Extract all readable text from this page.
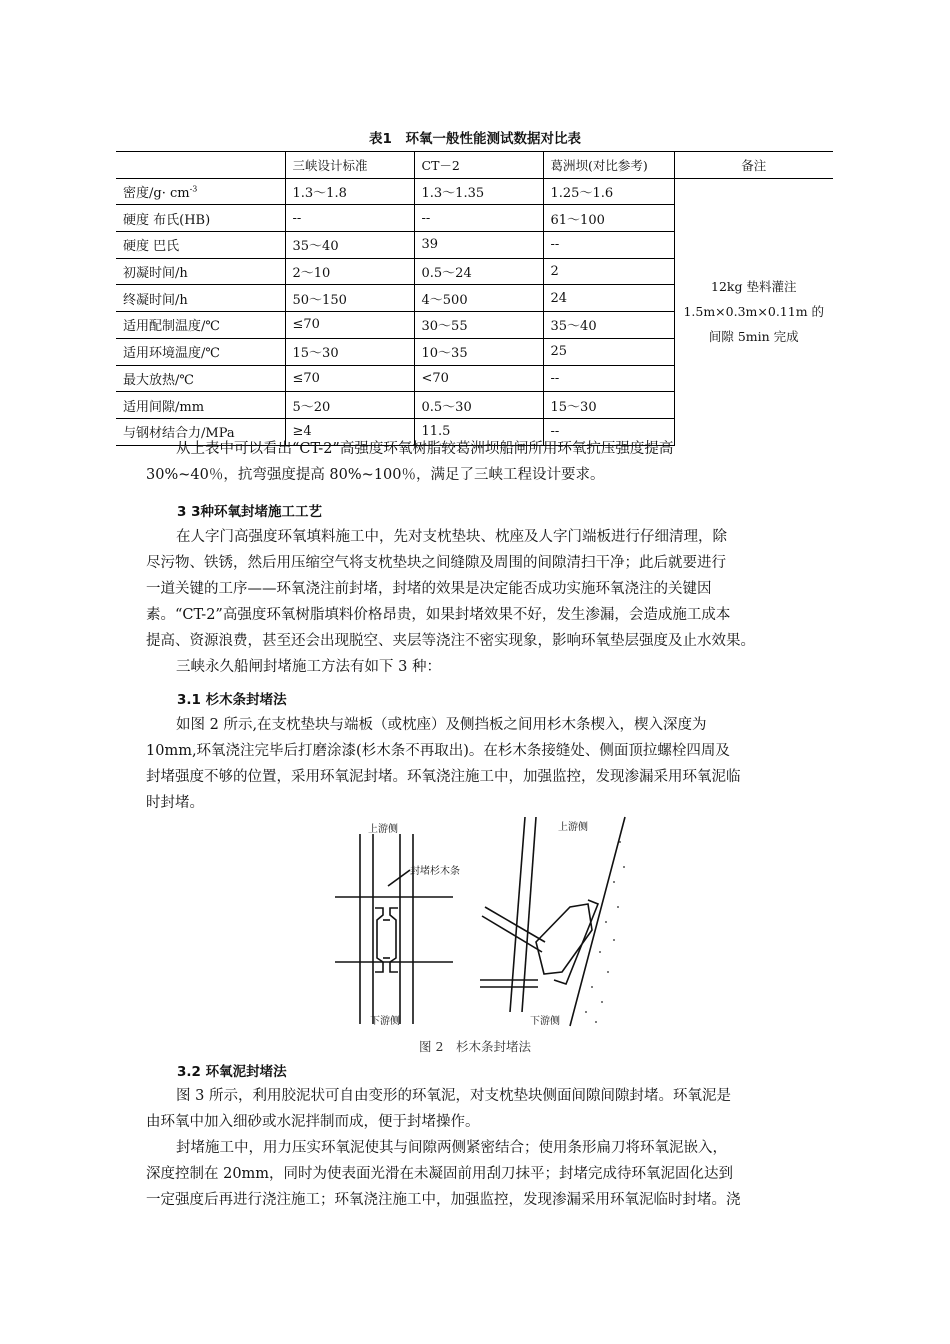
表1　环氧一般性能测试数据对比表
	三峡设计标准	CT－2	葛洲坝(对比参考)	备注
密度$/g\cdot cm^{-3}$	1.3～1.8	1.3～1.35	1.25～1.6	12kg 垫料灌注
1.5m×0.3m×0.11m 的
间隙 5min 完成

硬度 布氏(HB)	--	--	61～100	
硬度 巴氏	35～40	39	--	
初凝时间/h	2～10	0.5～24	2	
终凝时间/h	50～150	4～500	24	
适用配制温度/℃	≤70	30～55	35～40	
适用环境温度/℃	15～30	10～35	25	
最大放热/℃	≤70	<70	--	
适用间隙/mm	5～20	0.5～30	15～30	
与钢材结合力/MPa	≥4	11.5	--	
从上表中可以看出“CT-2”高强度环氧树脂较葛洲坝船闸所用环氧抗压强度提高
30%~40％，抗弯强度提高 80%~100％，满足了三峡工程设计要求。
3 3种环氧封堵施工工艺
在人字门高强度环氧填料施工中，先对支枕垫块、枕座及人字门端板进行仔细清理，除
尽污物、铁锈，然后用压缩空气将支枕垫块之间缝隙及周围的间隙清扫干净；此后就要进行
一道关键的工序——环氧浇注前封堵，封堵的效果是决定能否成功实施环氧浇注的关键因
素。“CT-2”高强度环氧树脂填料价格昂贵，如果封堵效果不好，发生渗漏，会造成施工成本
提高、资源浪费，甚至还会出现脱空、夹层等浇注不密实现象，影响环氧垫层强度及止水效果。
三峡永久船闸封堵施工方法有如下 3 种：
3.1 杉木条封堵法
如图 2 所示,在支枕垫块与端板（或枕座）及侧挡板之间用杉木条楔入，楔入深度为
10mm,环氧浇注完毕后打磨涂漆(杉木条不再取出)。在杉木条接缝处、侧面顶拉螺栓四周及
封堵强度不够的位置，采用环氧泥封堵。环氧浇注施工中，加强监控，发现渗漏采用环氧泥临
时封堵。
上游侧
下游侧
封堵杉木条
上游侧
下游侧
图 2　杉木条封堵法
3.2 环氧泥封堵法
图 3 所示，利用胶泥状可自由变形的环氧泥，对支枕垫块侧面间隙间隙封堵。环氧泥是
由环氧中加入细砂或水泥拌制而成，便于封堵操作。
封堵施工中，用力压实环氧泥使其与间隙两侧紧密结合；使用条形扁刀将环氧泥嵌入，
深度控制在 20mm，同时为使表面光滑在未凝固前用刮刀抹平；封堵完成待环氧泥固化达到
一定强度后再进行浇注施工；环氧浇注施工中，加强监控，发现渗漏采用环氧泥临时封堵。浇
